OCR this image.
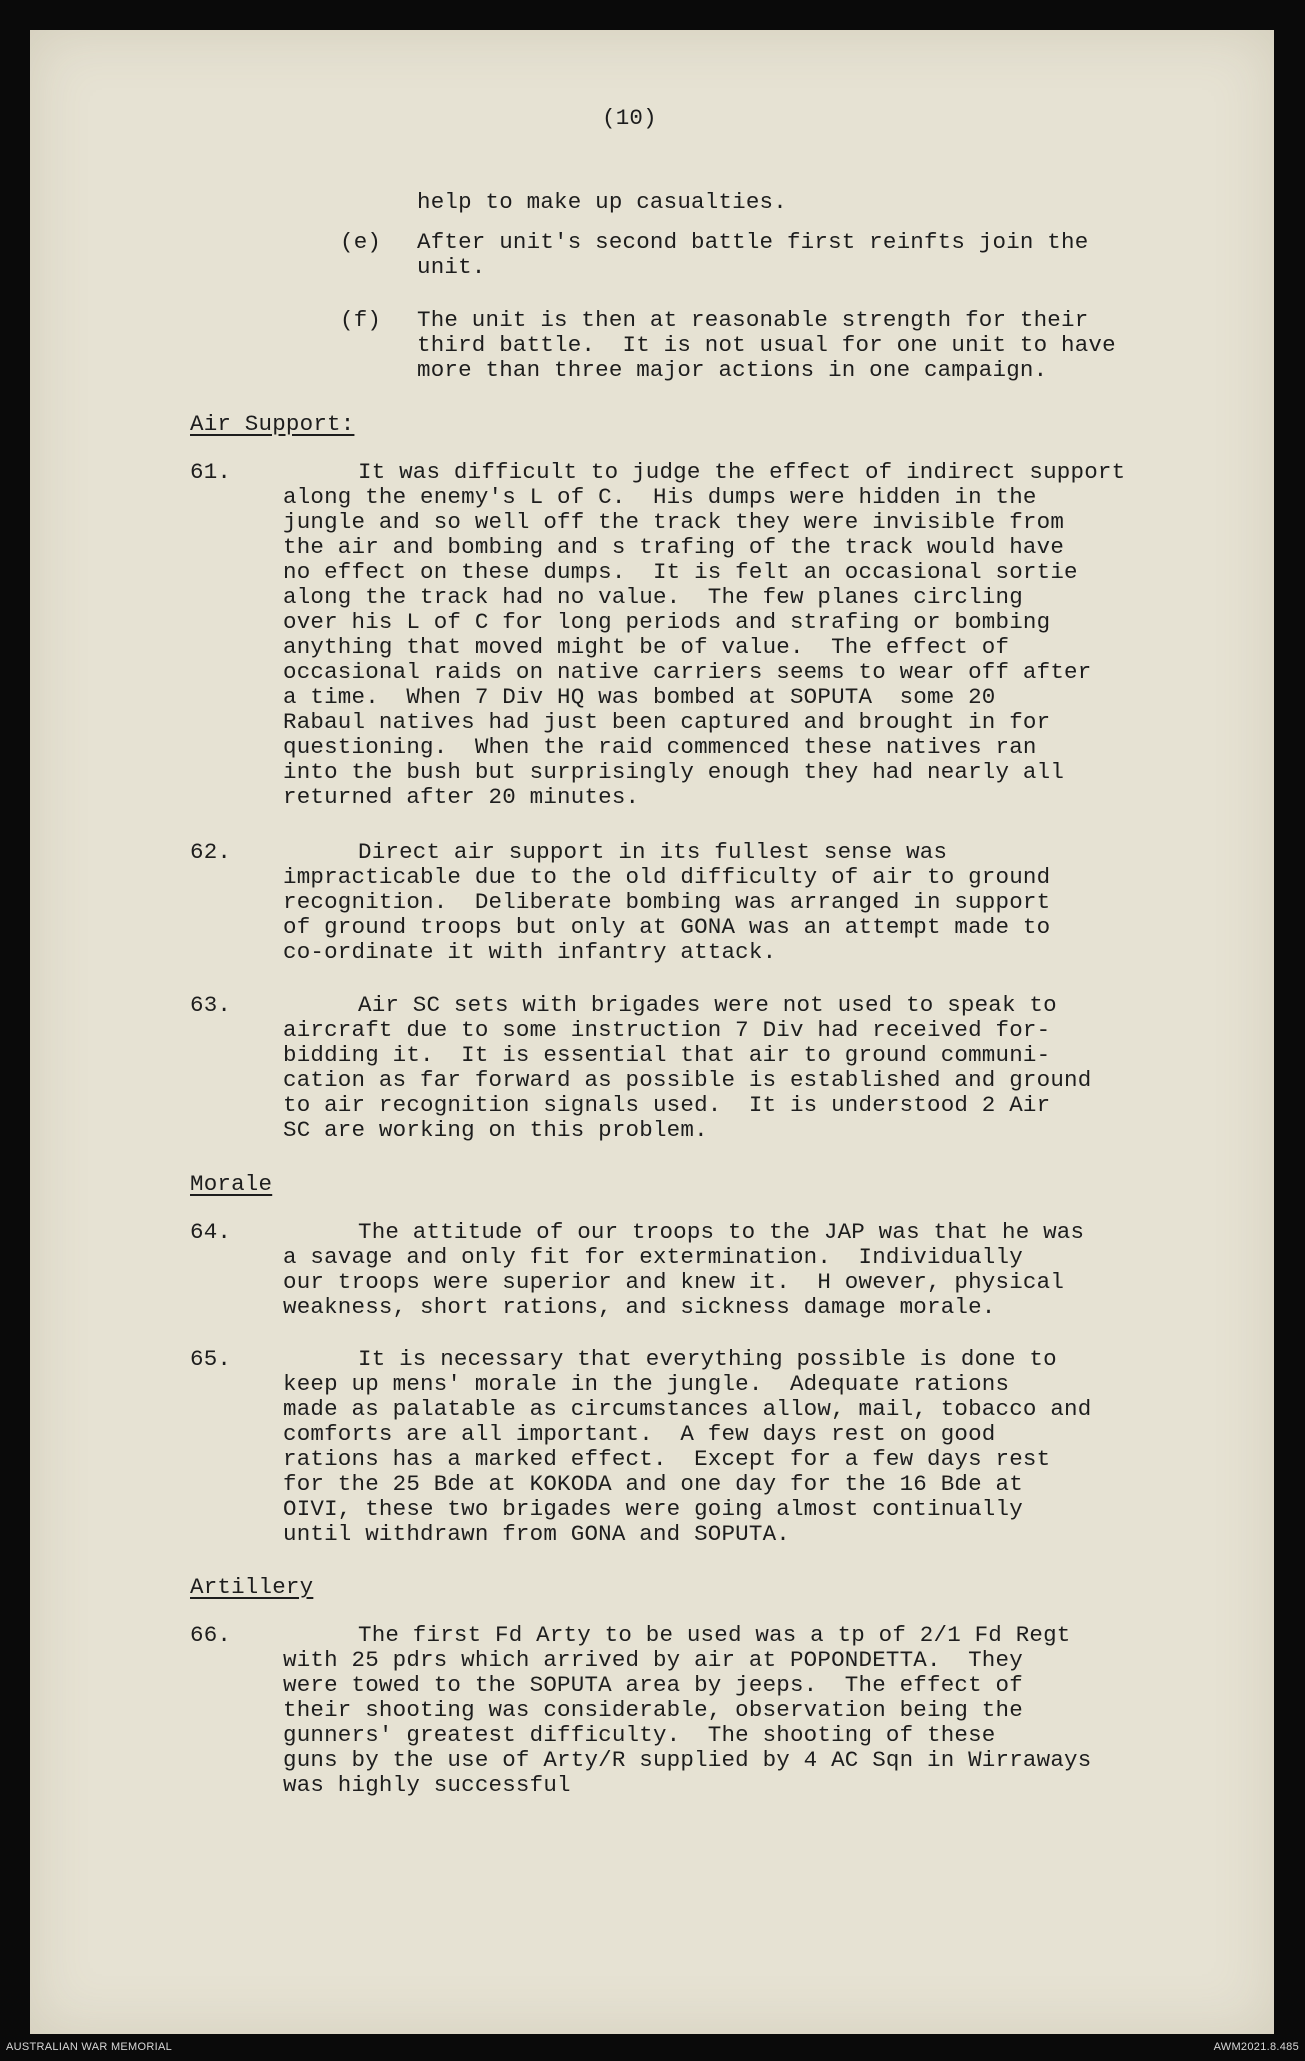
(10)
help to make up casualties.
(e) After unit's second battle first reinfts join the
unit.
(f) The unit is then at reasonable strength for their
third battle.  It is not usual for one unit to have
more than three major actions in one campaign.
Air Support:
61.	It was difficult to judge the effect of indirect support
along the enemy's L of C.  His dumps were hidden in the
jungle and so well off the track they were invisible from
the air and bombing and s trafing of the track would have
no effect on these dumps.  It is felt an occasional sortie
along the track had no value.  The few planes circling
over his L of C for long periods and strafing or bombing
anything that moved might be of value.  The effect of
occasional raids on native carriers seems to wear off after
a time.  When 7 Div HQ was bombed at SOPUTA  some 20
Rabaul natives had just been captured and brought in for
questioning.  When the raid commenced these natives ran
into the bush but surprisingly enough they had nearly all
returned after 20 minutes.
62.	Direct air support in its fullest sense was
impracticable due to the old difficulty of air to ground
recognition.  Deliberate bombing was arranged in support
of ground troops but only at GONA was an attempt made to
co-ordinate it with infantry attack.
63.	Air SC sets with brigades were not used to speak to
aircraft due to some instruction 7 Div had received for-
bidding it.  It is essential that air to ground communi-
cation as far forward as possible is established and ground
to air recognition signals used.  It is understood 2 Air
SC are working on this problem.
Morale
64.	The attitude of our troops to the JAP was that he was
a savage and only fit for extermination.  Individually
our troops were superior and knew it.  H owever, physical
weakness, short rations, and sickness damage morale.
65.	It is necessary that everything possible is done to
keep up mens' morale in the jungle.  Adequate rations
made as palatable as circumstances allow, mail, tobacco and
comforts are all important.  A few days rest on good
rations has a marked effect.  Except for a few days rest
for the 25 Bde at KOKODA and one day for the 16 Bde at
OIVI, these two brigades were going almost continually
until withdrawn from GONA and SOPUTA.
Artillery
66.	The first Fd Arty to be used was a tp of 2/1 Fd Regt
with 25 pdrs which arrived by air at POPONDETTA.  They
were towed to the SOPUTA area by jeeps.  The effect of
their shooting was considerable, observation being the
gunners' greatest difficulty.  The shooting of these
guns by the use of Arty/R supplied by 4 AC Sqn in Wirraways
was highly successful
AUSTRALIAN WAR MEMORIAL	AWM2021.8.485
